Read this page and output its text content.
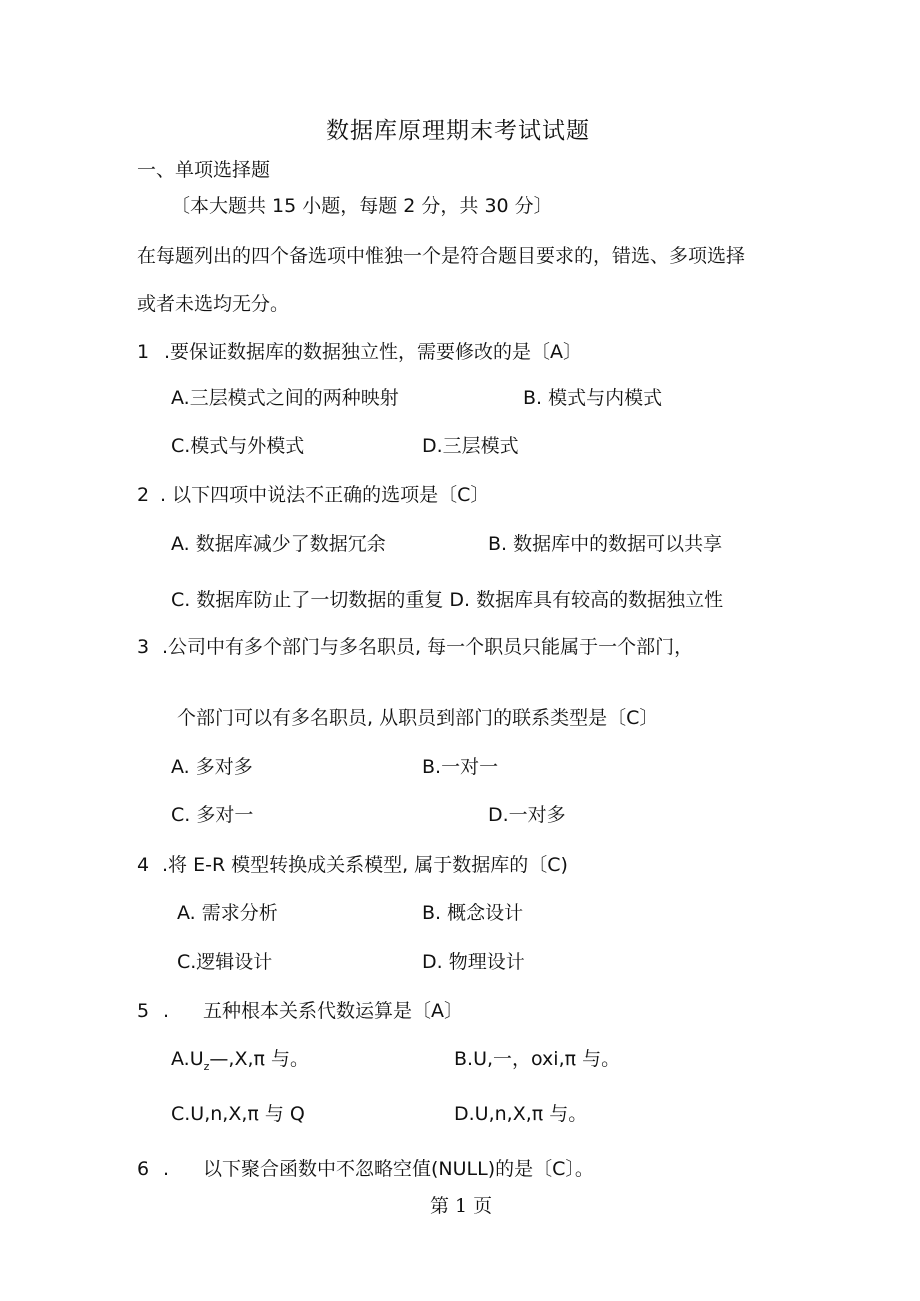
数据库原理期末考试试题
一、单项选择题
〔本大题共 15 小题，每题 2 分，共 30 分〕
在每题列出的四个备选项中惟独一个是符合题目要求的，错选、多项选择
或者未选均无分。
1 .要保证数据库的数据独立性，需要修改的是〔A〕
A.三层模式之间的两种映射	B. 模式与内模式
C.模式与外模式	D.三层模式
2 . 以下四项中说法不正确的选项是〔C〕
A. 数据库减少了数据冗余	B. 数据库中的数据可以共享
C. 数据库防止了一切数据的重复 D. 数据库具有较高的数据独立性
3 .公司中有多个部门与多名职员, 每一个职员只能属于一个部门，
个部门可以有多名职员, 从职员到部门的联系类型是〔C〕
A. 多对多	B.一对一
C. 多对一	D.一对多
4 .将 E-R 模型转换成关系模型, 属于数据库的〔C)
A. 需求分析	B. 概念设计
C.逻辑设计	D. 物理设计
5 . 五种根本关系代数运算是〔A〕
$A.U_z—,X,\pi$ 与。	B.U,一，oxi,π 与。
C.U,n,X,π 与 Q	D.U,n,X,π 与。
6 . 以下聚合函数中不忽略空值(NULL)的是〔C〕。
第 1 页
